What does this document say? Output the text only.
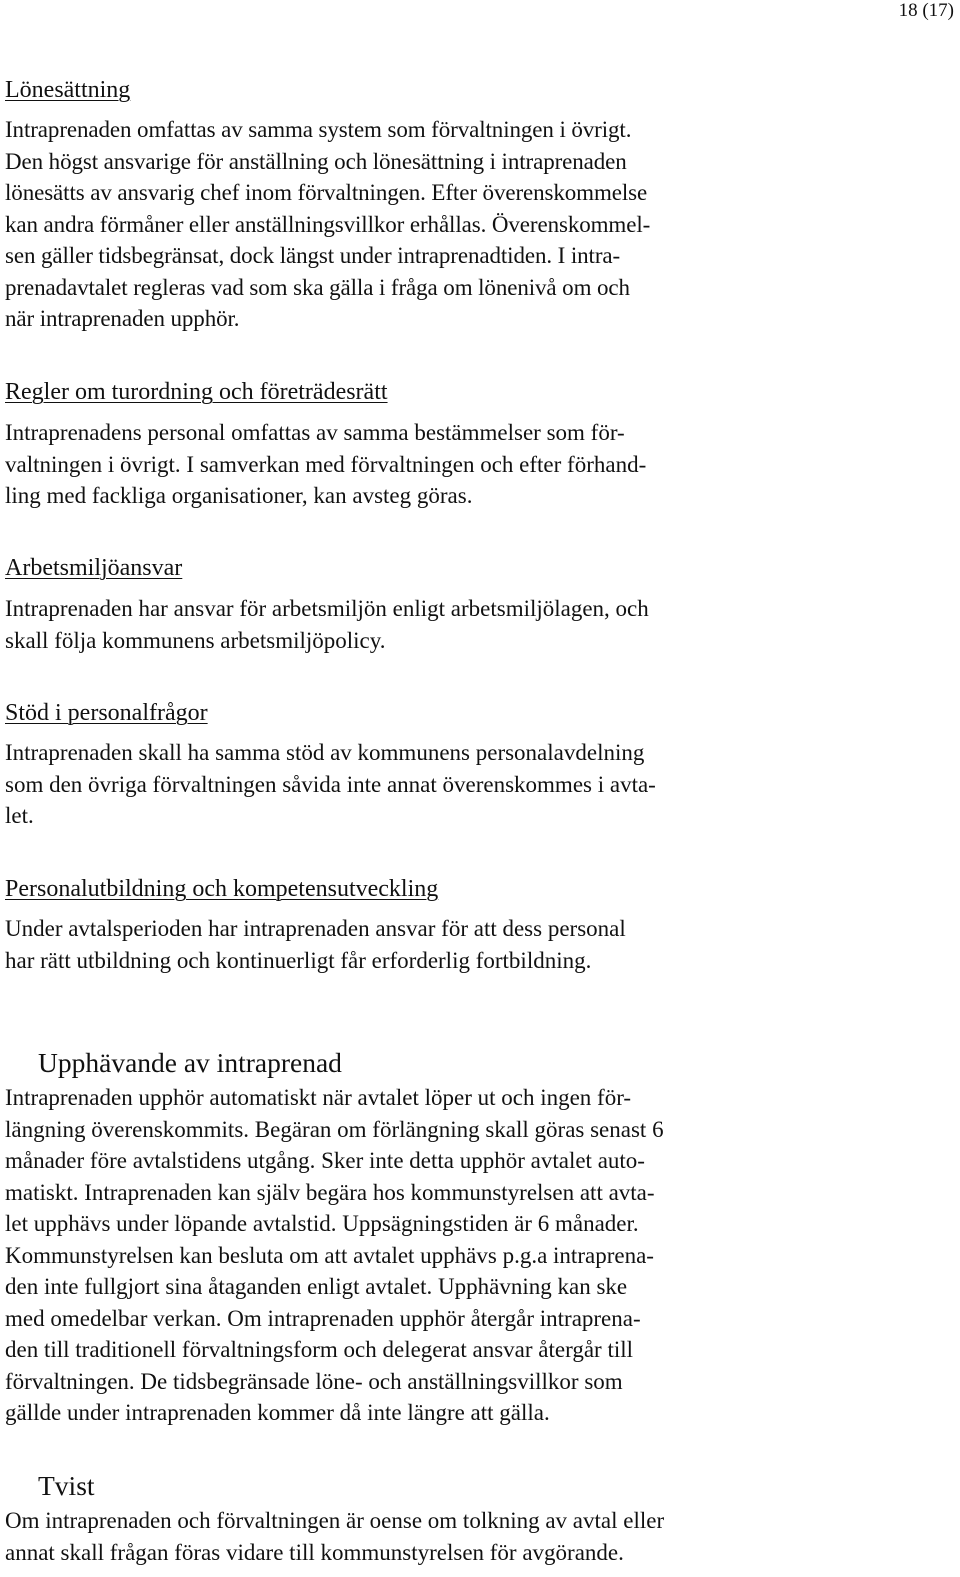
18 (17)
Lönesättning
Intraprenaden omfattas av samma system som förvaltningen i övrigt.
Den högst ansvarige för anställning och lönesättning i intraprenaden
lönesätts av ansvarig chef inom förvaltningen. Efter överenskommelse
kan andra förmåner eller anställningsvillkor erhållas. Överenskommel-
sen gäller tidsbegränsat, dock längst under intraprenadtiden. I intra-
prenadavtalet regleras vad som ska gälla i fråga om lönenivå om och
när intraprenaden upphör.
Regler om turordning och företrädesrätt
Intraprenadens personal omfattas av samma bestämmelser som för-
valtningen i övrigt. I samverkan med förvaltningen och efter förhand-
ling med fackliga organisationer, kan avsteg göras.
Arbetsmiljöansvar
Intraprenaden har ansvar för arbetsmiljön enligt arbetsmiljölagen, och
skall följa kommunens arbetsmiljöpolicy.
Stöd i personalfrågor
Intraprenaden skall ha samma stöd av kommunens personalavdelning
som den övriga förvaltningen såvida inte annat överenskommes i avta-
let.
Personalutbildning och kompetensutveckling
Under avtalsperioden har intraprenaden ansvar för att dess personal
har rätt utbildning och kontinuerligt får erforderlig fortbildning.
Upphävande av intraprenad
Intraprenaden upphör automatiskt när avtalet löper ut och ingen för-
längning överenskommits. Begäran om förlängning skall göras senast 6
månader före avtalstidens utgång. Sker inte detta upphör avtalet auto-
matiskt. Intraprenaden kan själv begära hos kommunstyrelsen att avta-
let upphävs under löpande avtalstid. Uppsägningstiden är 6 månader.
Kommunstyrelsen kan besluta om att avtalet upphävs p.g.a intraprena-
den inte fullgjort sina åtaganden enligt avtalet. Upphävning kan ske
med omedelbar verkan. Om intraprenaden upphör återgår intraprena-
den till traditionell förvaltningsform och delegerat ansvar återgår till
förvaltningen. De tidsbegränsade löne- och anställningsvillkor som
gällde under intraprenaden kommer då inte längre att gälla.
Tvist
Om intraprenaden och förvaltningen är oense om tolkning av avtal eller
annat skall frågan föras vidare till kommunstyrelsen för avgörande.
